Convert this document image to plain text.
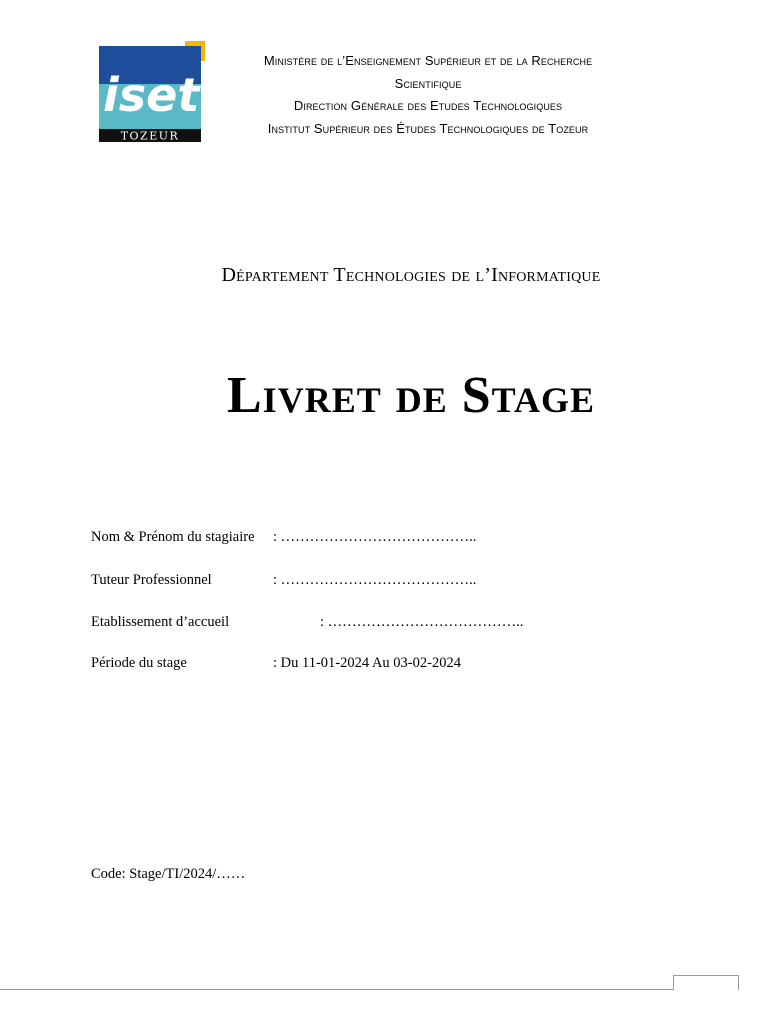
iset
TOZEUR
Ministère de l’Enseignement Supérieur et de la Recherche
Scientifique
Direction Générale des Etudes Technologiques
Institut Supérieur des Études Technologiques de Tozeur
Département Technologies de l’Informatique
Livret de Stage
Nom & Prénom du stagiaire : …………………………………..
Tuteur Professionnel	: …………………………………..
Etablissement d’accueil	: …………………………………..
Période du stage	: Du 11-01-2024 Au 03-02-2024
Code: Stage/TI/2024/……
